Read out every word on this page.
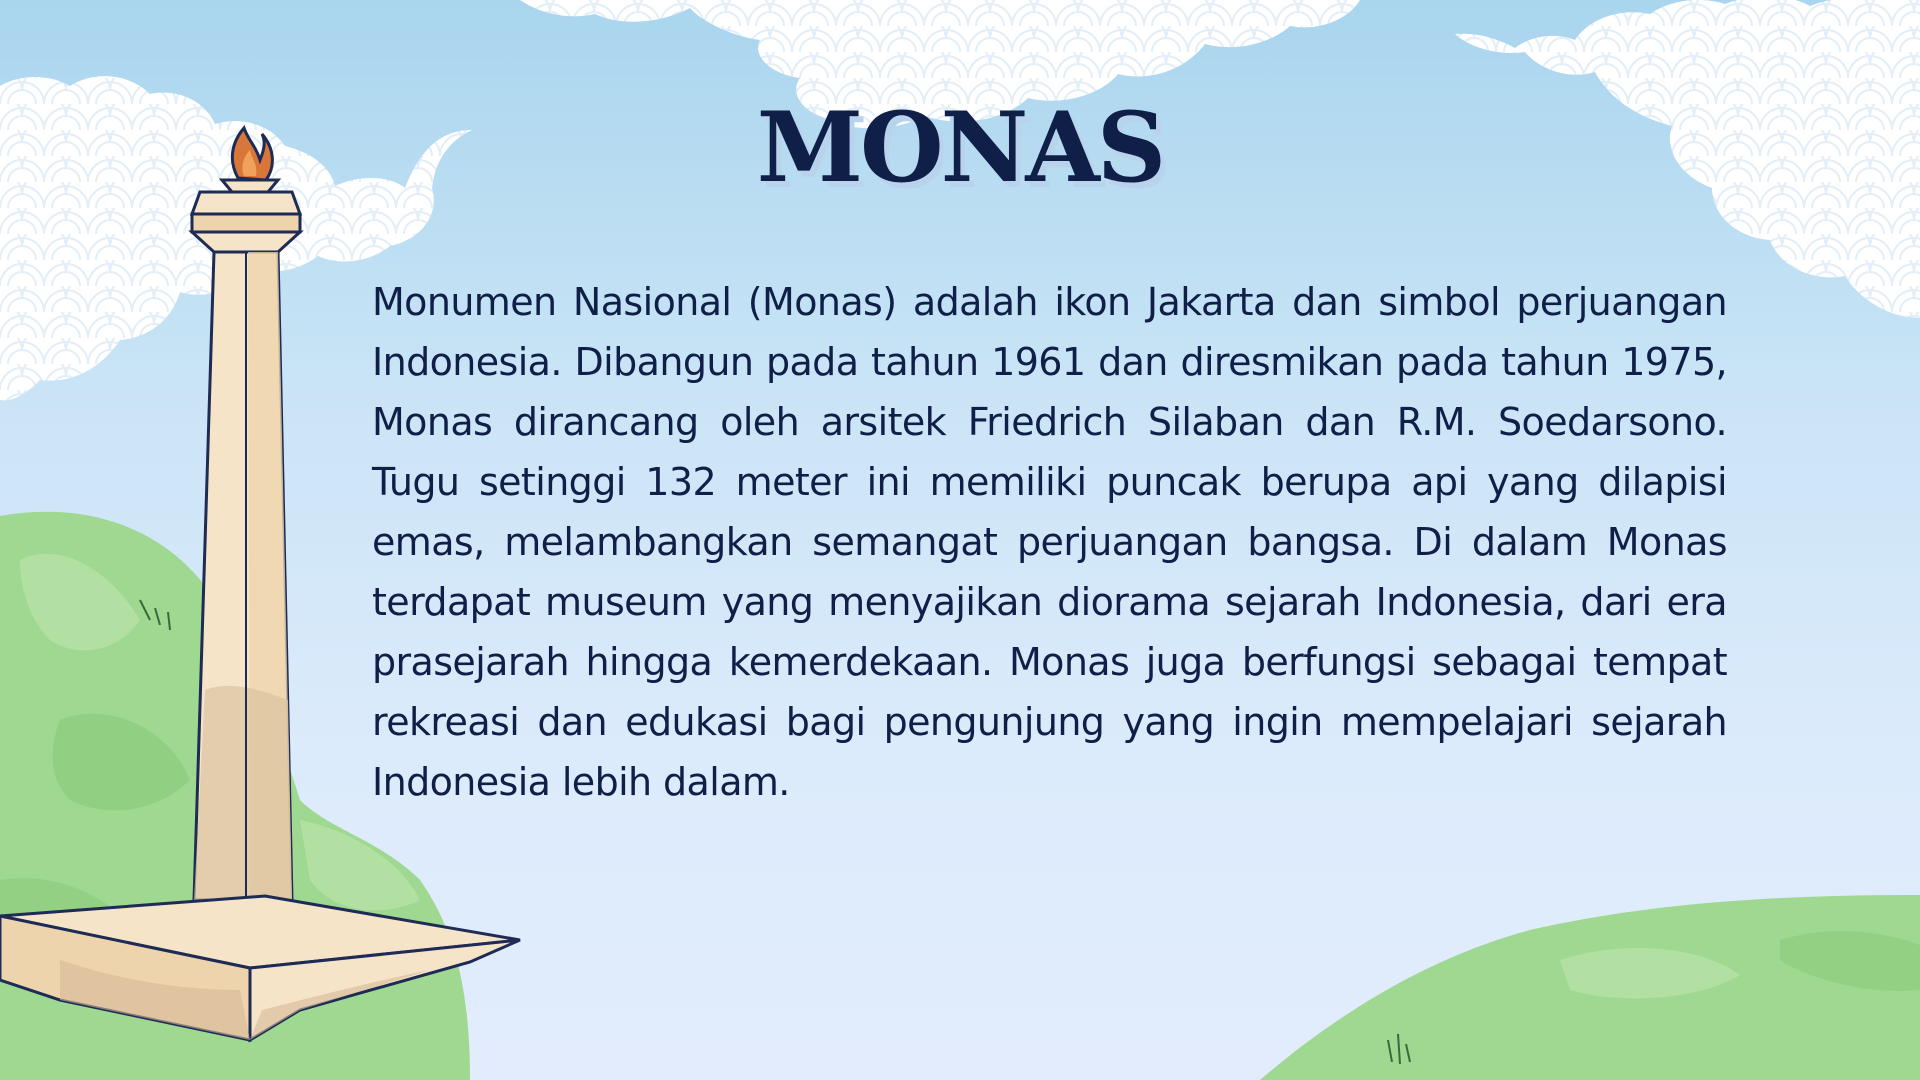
MONAS

Monumen Nasional (Monas) adalah ikon Jakarta dan simbol perjuangan Indonesia. Dibangun pada tahun 1961 dan diresmikan pada tahun 1975, Monas dirancang oleh arsitek Friedrich Silaban dan R.M. Soedarsono. Tugu setinggi 132 meter ini memiliki puncak berupa api yang dilapisi emas, melambangkan semangat perjuangan bangsa. Di dalam Monas terdapat museum yang menyajikan diorama sejarah Indonesia, dari era prasejarah hingga kemerdekaan. Monas juga berfungsi sebagai tempat rekreasi dan edukasi bagi pengunjung yang ingin mempelajari sejarah Indonesia lebih dalam.
